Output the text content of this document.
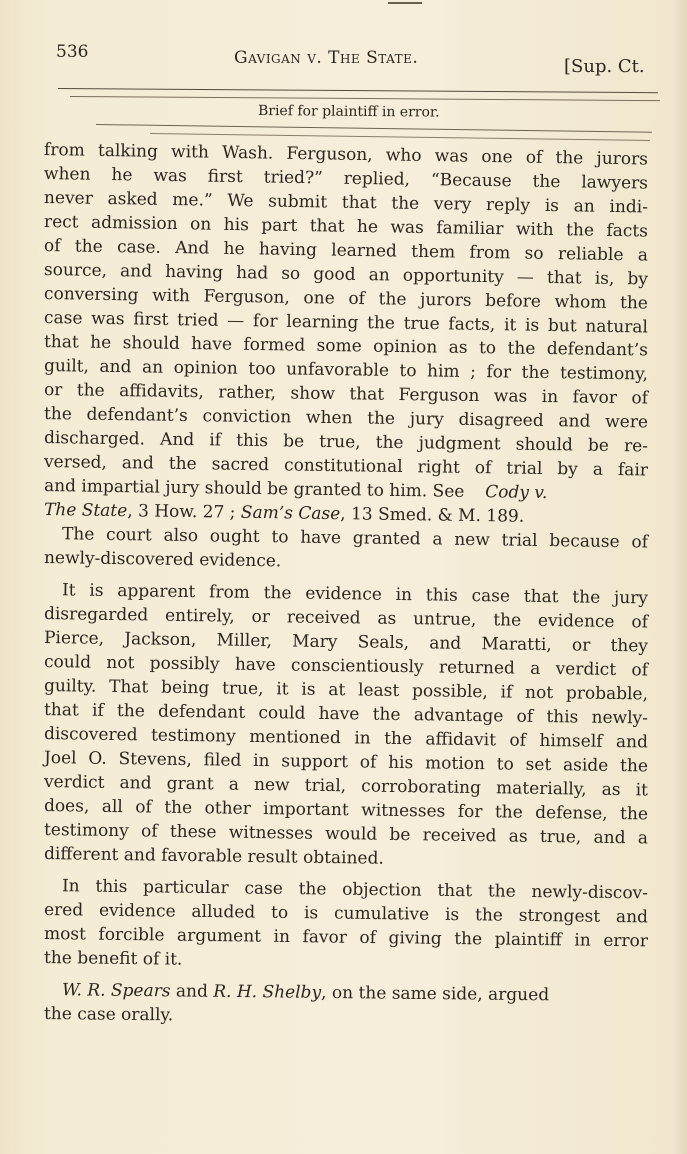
536	Gavigan v. The State.	[Sup. Ct.
Brief for plaintiff in error.
from talking with Wash. Ferguson, who was one of the jurors
when he was first tried?” replied, “Because the lawyers
never asked me.” We submit that the very reply is an indi-
rect admission on his part that he was familiar with the facts
of the case. And he having learned them from so reliable a
source, and having had so good an opportunity — that is, by
conversing with Ferguson, one of the jurors before whom the
case was first tried — for learning the true facts, it is but natural
that he should have formed some opinion as to the defendant’s
guilt, and an opinion too unfavorable to him ; for the testimony,
or the affidavits, rather, show that Ferguson was in favor of
the defendant’s conviction when the jury disagreed and were
discharged. And if this be true, the judgment should be re-
versed, and the sacred constitutional right of trial by a fair
and impartial jury should be granted to him. See Cody v.
The State, 3 How. 27 ; Sam’s Case, 13 Smed. & M. 189.
The court also ought to have granted a new trial because of
newly-discovered evidence.
It is apparent from the evidence in this case that the jury
disregarded entirely, or received as untrue, the evidence of
Pierce, Jackson, Miller, Mary Seals, and Maratti, or they
could not possibly have conscientiously returned a verdict of
guilty. That being true, it is at least possible, if not probable,
that if the defendant could have the advantage of this newly-
discovered testimony mentioned in the affidavit of himself and
Joel O. Stevens, filed in support of his motion to set aside the
verdict and grant a new trial, corroborating materially, as it
does, all of the other important witnesses for the defense, the
testimony of these witnesses would be received as true, and a
different and favorable result obtained.
In this particular case the objection that the newly-discov-
ered evidence alluded to is cumulative is the strongest and
most forcible argument in favor of giving the plaintiff in error
the benefit of it.
W. R. Spears and R. H. Shelby, on the same side, argued
the case orally.
